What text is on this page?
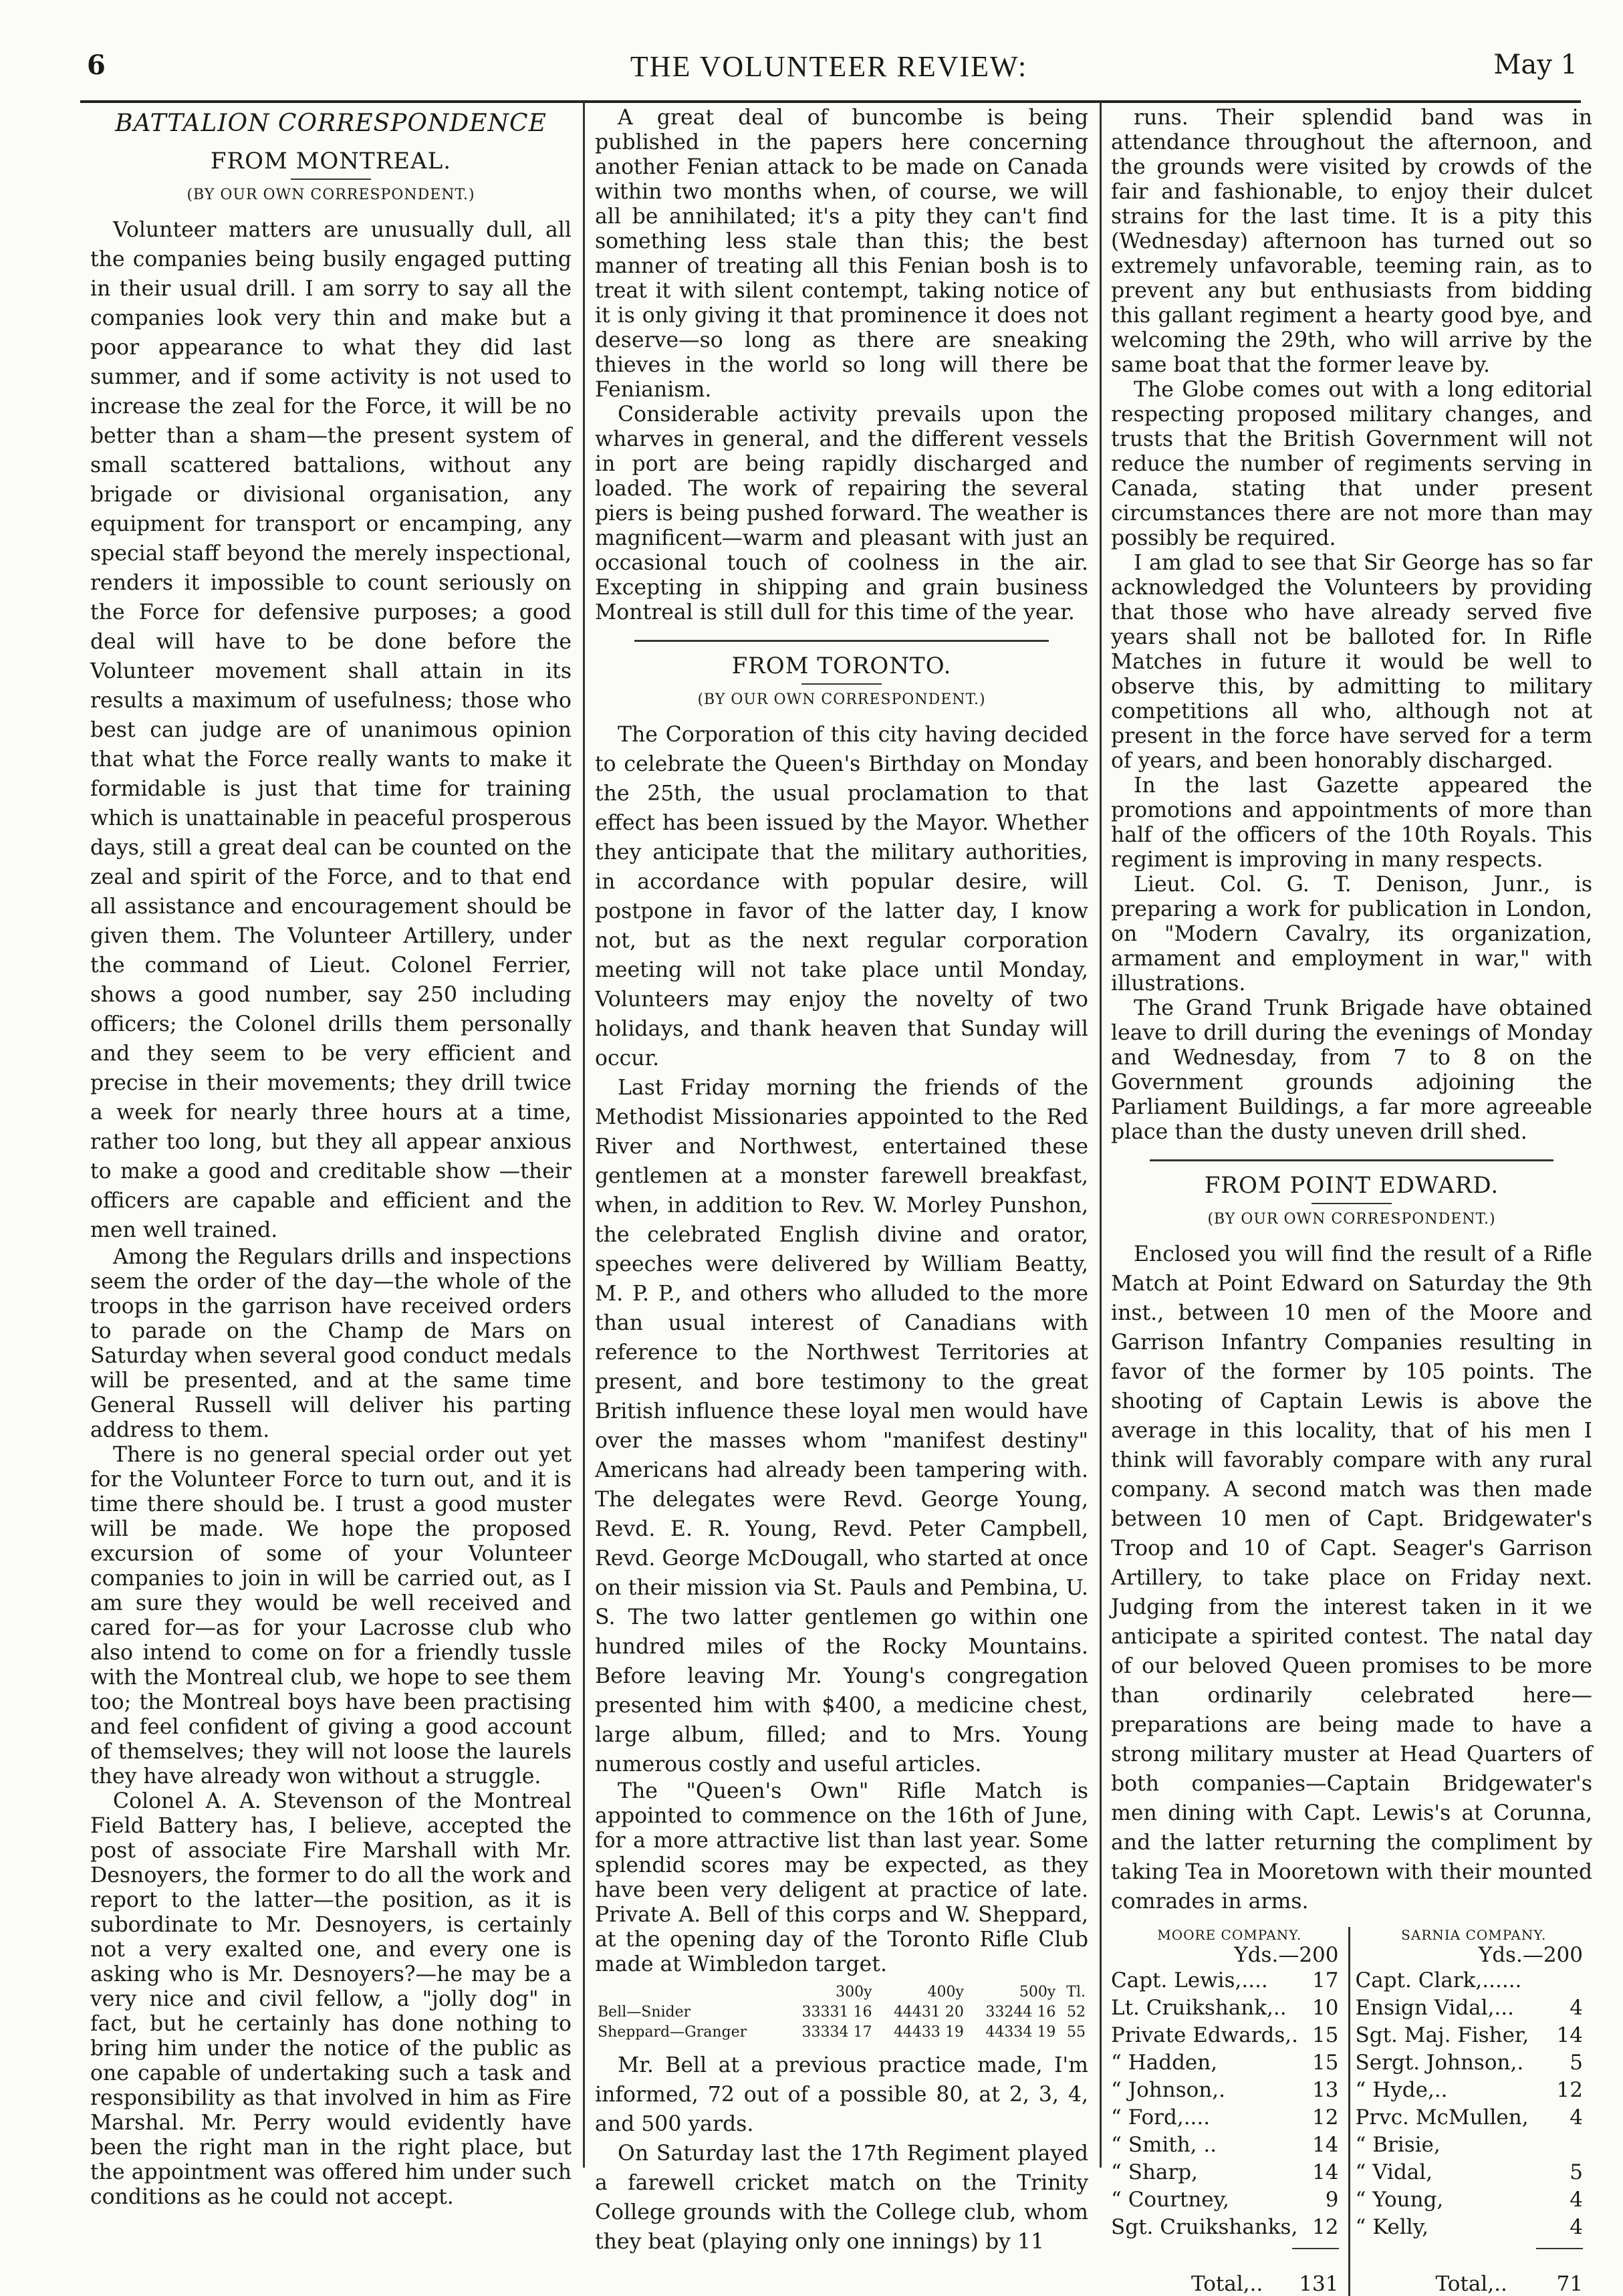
6	THE VOLUNTEER REVIEW:	May 1
BATTALION CORRESPONDENCE
FROM MONTREAL.
(BY OUR OWN CORRESPONDENT.)

Volunteer matters are unusually dull, all the companies being busily engaged putting in their usual drill. I am sorry to say all the companies look very thin and make but a poor appearance to what they did last summer, and if some activity is not used to increase the zeal for the Force, it will be no better than a sham—the present system of small scattered battalions, without any brigade or divisional organisation, any equipment for transport or encamping, any special staff beyond the merely inspectional, renders it impossible to count seriously on the Force for defensive purposes; a good deal will have to be done before the Volunteer movement shall attain in its results a maximum of usefulness; those who best can judge are of unanimous opinion that what the Force really wants to make it formidable is just that time for training which is unattainable in peaceful prosperous days, still a great deal can be counted on the zeal and spirit of the Force, and to that end all assistance and encouragement should be given them. The Volunteer Artillery, under the command of Lieut. Colonel Ferrier, shows a good number, say 250 including officers; the Colonel drills them personally and they seem to be very efficient and precise in their movements; they drill twice a week for nearly three hours at a time, rather too long, but they all appear anxious to make a good and creditable show —their officers are capable and efficient and the men well trained.

Among the Regulars drills and inspections seem the order of the day—the whole of the troops in the garrison have received orders to parade on the Champ de Mars on Saturday when several good conduct medals will be presented, and at the same time General Russell will deliver his parting address to them.

There is no general special order out yet for the Volunteer Force to turn out, and it is time there should be. I trust a good muster will be made. We hope the proposed excursion of some of your Volunteer companies to join in will be carried out, as I am sure they would be well received and cared for—as for your Lacrosse club who also intend to come on for a friendly tussle with the Montreal club, we hope to see them too; the Montreal boys have been practising and feel confident of giving a good account of themselves; they will not loose the laurels they have already won without a struggle.

Colonel A. A. Stevenson of the Montreal Field Battery has, I believe, accepted the post of associate Fire Marshall with Mr. Desnoyers, the former to do all the work and report to the latter—the position, as it is subordinate to Mr. Desnoyers, is certainly not a very exalted one, and every one is asking who is Mr. Desnoyers?—he may be a very nice and civil fellow, a "jolly dog" in fact, but he certainly has done nothing to bring him under the notice of the public as one capable of undertaking such a task and responsibility as that involved in him as Fire Marshal. Mr. Perry would evidently have been the right man in the right place, but the appointment was offered him under such conditions as he could not accept.

A great deal of buncombe is being published in the papers here concerning another Fenian attack to be made on Canada within two months when, of course, we will all be annihilated; it's a pity they can't find something less stale than this; the best manner of treating all this Fenian bosh is to treat it with silent contempt, taking notice of it is only giving it that prominence it does not deserve—so long as there are sneaking thieves in the world so long will there be Fenianism.

Considerable activity prevails upon the wharves in general, and the different vessels in port are being rapidly discharged and loaded. The work of repairing the several piers is being pushed forward. The weather is magnificent—warm and pleasant with just an occasional touch of coolness in the air. Excepting in shipping and grain business Montreal is still dull for this time of the year.

FROM TORONTO.
(BY OUR OWN CORRESPONDENT.)

The Corporation of this city having decided to celebrate the Queen's Birthday on Monday the 25th, the usual proclamation to that effect has been issued by the Mayor. Whether they anticipate that the military authorities, in accordance with popular desire, will postpone in favor of the latter day, I know not, but as the next regular corporation meeting will not take place until Monday, Volunteers may enjoy the novelty of two holidays, and thank heaven that Sunday will occur.

Last Friday morning the friends of the Methodist Missionaries appointed to the Red River and Northwest, entertained these gentlemen at a monster farewell breakfast, when, in addition to Rev. W. Morley Punshon, the celebrated English divine and orator, speeches were delivered by William Beatty, M. P. P., and others who alluded to the more than usual interest of Canadians with reference to the Northwest Territories at present, and bore testimony to the great British influence these loyal men would have over the masses whom "manifest destiny" Americans had already been tampering with. The delegates were Revd. George Young, Revd. E. R. Young, Revd. Peter Campbell, Revd. George McDougall, who started at once on their mission via St. Pauls and Pembina, U. S. The two latter gentlemen go within one hundred miles of the Rocky Mountains. Before leaving Mr. Young's congregation presented him with $400, a medicine chest, large album, filled; and to Mrs. Young numerous costly and useful articles.

The "Queen's Own" Rifle Match is appointed to commence on the 16th of June, for a more attractive list than last year. Some splendid scores may be expected, as they have been very deligent at practice of late. Private A. Bell of this corps and W. Sheppard, at the opening day of the Toronto Rifle Club made at Wimbledon target.

	300y	400y	500y	Tl.
Bell—Snider	33331 16	44431 20	33244 16	52
Sheppard—Granger	33334 17	44433 19	44334 19	55

Mr. Bell at a previous practice made, I'm informed, 72 out of a possible 80, at 2, 3, 4, and 500 yards.

On Saturday last the 17th Regiment played a farewell cricket match on the Trinity College grounds with the College club, whom they beat (playing only one innings) by 11

runs. Their splendid band was in attendance throughout the afternoon, and the grounds were visited by crowds of the fair and fashionable, to enjoy their dulcet strains for the last time. It is a pity this (Wednesday) afternoon has turned out so extremely unfavorable, teeming rain, as to prevent any but enthusiasts from bidding this gallant regiment a hearty good bye, and welcoming the 29th, who will arrive by the same boat that the former leave by.

The Globe comes out with a long editorial respecting proposed military changes, and trusts that the British Government will not reduce the number of regiments serving in Canada, stating that under present circumstances there are not more than may possibly be required.

I am glad to see that Sir George has so far acknowledged the Volunteers by providing that those who have already served five years shall not be balloted for. In Rifle Matches in future it would be well to observe this, by admitting to military competitions all who, although not at present in the force have served for a term of years, and been honorably discharged.

In the last Gazette appeared the promotions and appointments of more than half of the officers of the 10th Royals. This regiment is improving in many respects.

Lieut. Col. G. T. Denison, Junr., is preparing a work for publication in London, on "Modern Cavalry, its organization, armament and employment in war," with illustrations.

The Grand Trunk Brigade have obtained leave to drill during the evenings of Monday and Wednesday, from 7 to 8 on the Government grounds adjoining the Parliament Buildings, a far more agreeable place than the dusty uneven drill shed.

FROM POINT EDWARD.
(BY OUR OWN CORRESPONDENT.)

Enclosed you will find the result of a Rifle Match at Point Edward on Saturday the 9th inst., between 10 men of the Moore and Garrison Infantry Companies resulting in favor of the former by 105 points. The shooting of Captain Lewis is above the average in this locality, that of his men I think will favorably compare with any rural company. A second match was then made between 10 men of Capt. Bridgewater's Troop and 10 of Capt. Seager's Garrison Artillery, to take place on Friday next. Judging from the interest taken in it we anticipate a spirited contest. The natal day of our beloved Queen promises to be more than ordinarily celebrated here—preparations are being made to have a strong military muster at Head Quarters of both companies—Captain Bridgewater's men dining with Capt. Lewis's at Corunna, and the latter returning the compliment by taking Tea in Mooretown with their mounted comrades in arms.

MOORE COMPANY.
Yds.—200
Capt. Lewis,.... 17
Lt. Cruikshank,.. 10
Private Edwards,. 15
“ Hadden,	15
“ Johnson,.	13
“ Ford,....	12
“ Smith, ..	14
“ Sharp,	14
“ Courtney,	9
Sgt. Cruikshanks, 12
Total,.. 131
SARNIA COMPANY.
Yds.—200
Capt. Clark,......
Ensign Vidal,...	4
Sgt. Maj. Fisher, 14
Sergt. Johnson,. 5
“ Hyde,..	12
Prvc. McMullen, 4
“ Brisie,
“ Vidal,	5
“ Young,	4
“ Kelly,	4
Total,.. 71
